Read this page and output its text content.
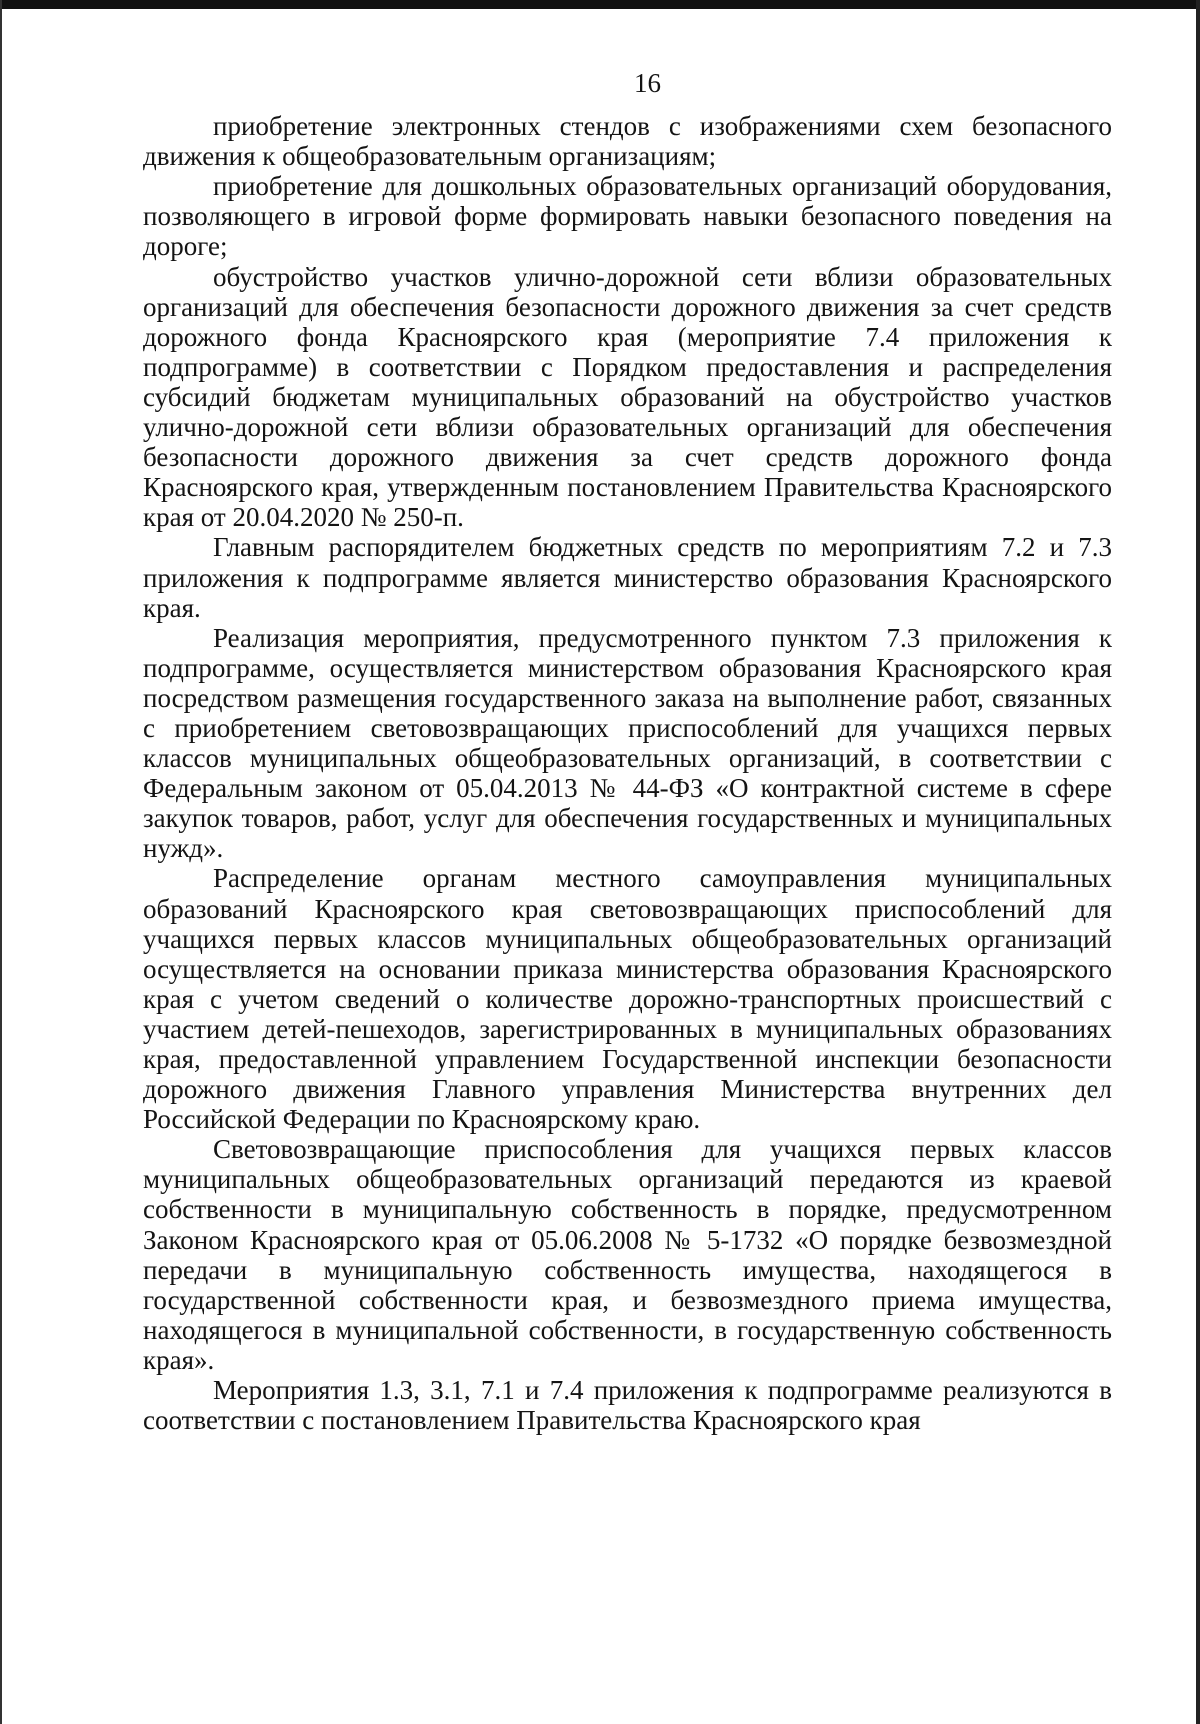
16

приобретение электронных стендов с изображениями схем безопасного движения к общеобразовательным организациям;

приобретение для дошкольных образовательных организаций оборудования, позволяющего в игровой форме формировать навыки безопасного поведения на дороге;

обустройство участков улично-дорожной сети вблизи образовательных организаций для обеспечения безопасности дорожного движения за счет средств дорожного фонда Красноярского края (мероприятие 7.4 приложения к подпрограмме) в соответствии с Порядком предоставления и распределения субсидий бюджетам муниципальных образований на обустройство участков улично-дорожной сети вблизи образовательных организаций для обеспечения безопасности дорожного движения за счет средств дорожного фонда Красноярского края, утвержденным постановлением Правительства Красноярского края от 20.04.2020 № 250-п.

Главным распорядителем бюджетных средств по мероприятиям 7.2 и 7.3 приложения к подпрограмме является министерство образования Красноярского края.

Реализация мероприятия, предусмотренного пунктом 7.3 приложения к подпрограмме, осуществляется министерством образования Красноярского края посредством размещения государственного заказа на выполнение работ, связанных с приобретением световозвращающих приспособлений для учащихся первых классов муниципальных общеобразовательных организаций, в соответствии с Федеральным законом от 05.04.2013 № 44-ФЗ «О контрактной системе в сфере закупок товаров, работ, услуг для обеспечения государственных и муниципальных нужд».

Распределение органам местного самоуправления муниципальных образований Красноярского края световозвращающих приспособлений для учащихся первых классов муниципальных общеобразовательных организаций осуществляется на основании приказа министерства образования Красноярского края с учетом сведений о количестве дорожно-транспортных происшествий с участием детей-пешеходов, зарегистрированных в муниципальных образованиях края, предоставленной управлением Государственной инспекции безопасности дорожного движения Главного управления Министерства внутренних дел Российской Федерации по Красноярскому краю.

Световозвращающие приспособления для учащихся первых классов муниципальных общеобразовательных организаций передаются из краевой собственности в муниципальную собственность в порядке, предусмотренном Законом Красноярского края от 05.06.2008 № 5-1732 «О порядке безвозмездной передачи в муниципальную собственность имущества, находящегося в государственной собственности края, и безвозмездного приема имущества, находящегося в муниципальной собственности, в государственную собственность края».

Мероприятия 1.3, 3.1, 7.1 и 7.4 приложения к подпрограмме реализуются в соответствии с постановлением Правительства Красноярского края
